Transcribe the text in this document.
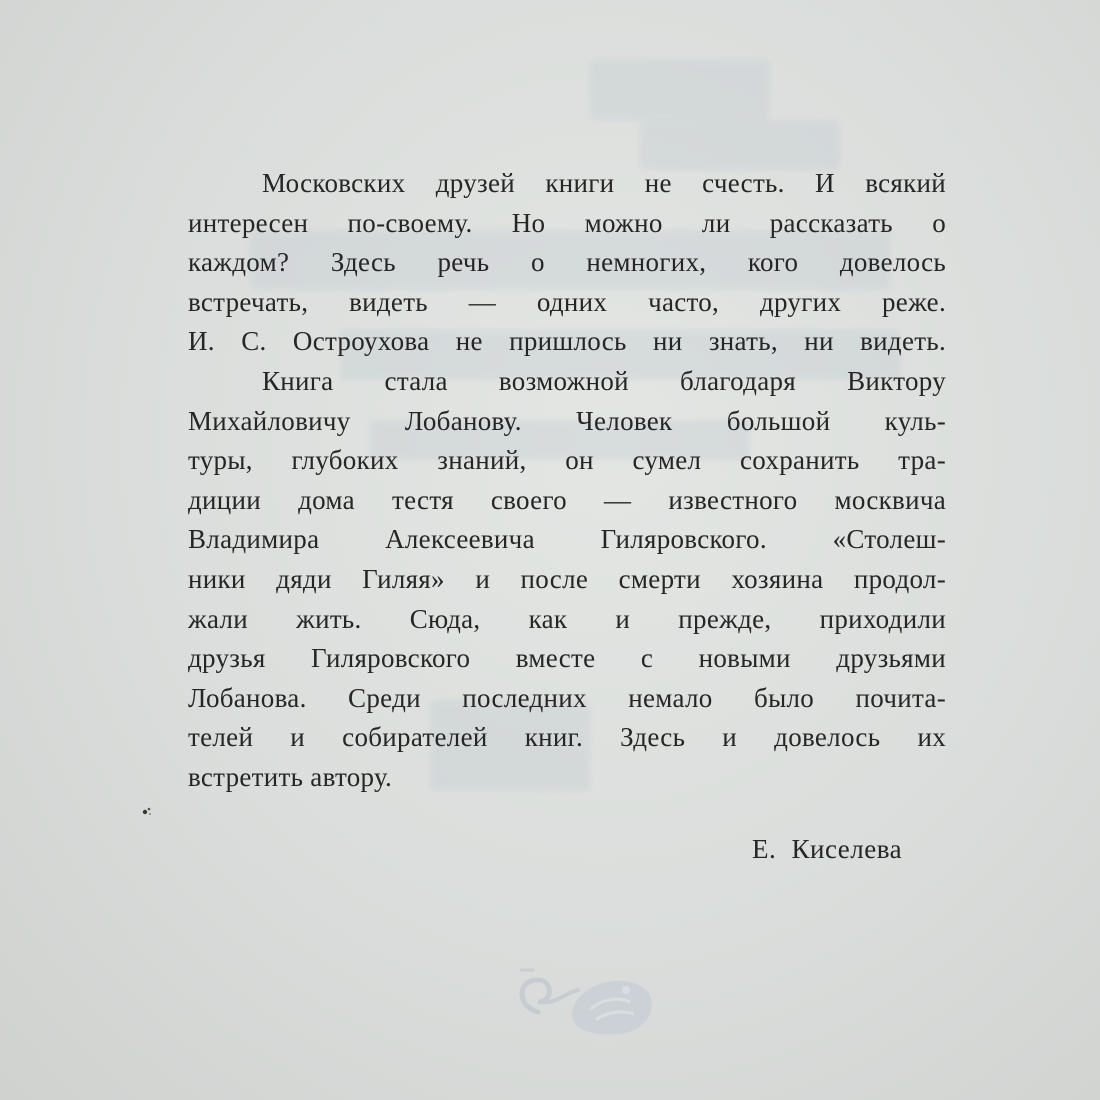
Московских друзей книги не счесть. И всякий
интересен по-своему. Но можно ли рассказать о
каждом? Здесь речь о немногих, кого довелось
встречать, видеть — одних часто, других реже.
И. С. Остроухова не пришлось ни знать, ни видеть.
Книга стала возможной благодаря Виктору
Михайловичу Лобанову. Человек большой куль-
туры, глубоких знаний, он сумел сохранить тра-
диции дома тестя своего — известного москвича
Владимира Алексеевича Гиляровского. «Столеш-
ники дяди Гиляя» и после смерти хозяина продол-
жали жить. Сюда, как и прежде, приходили
друзья Гиляровского вместе с новыми друзьями
Лобанова. Среди последних немало было почита-
телей и собирателей книг. Здесь и довелось их
встретить автору.
Е. Киселева
